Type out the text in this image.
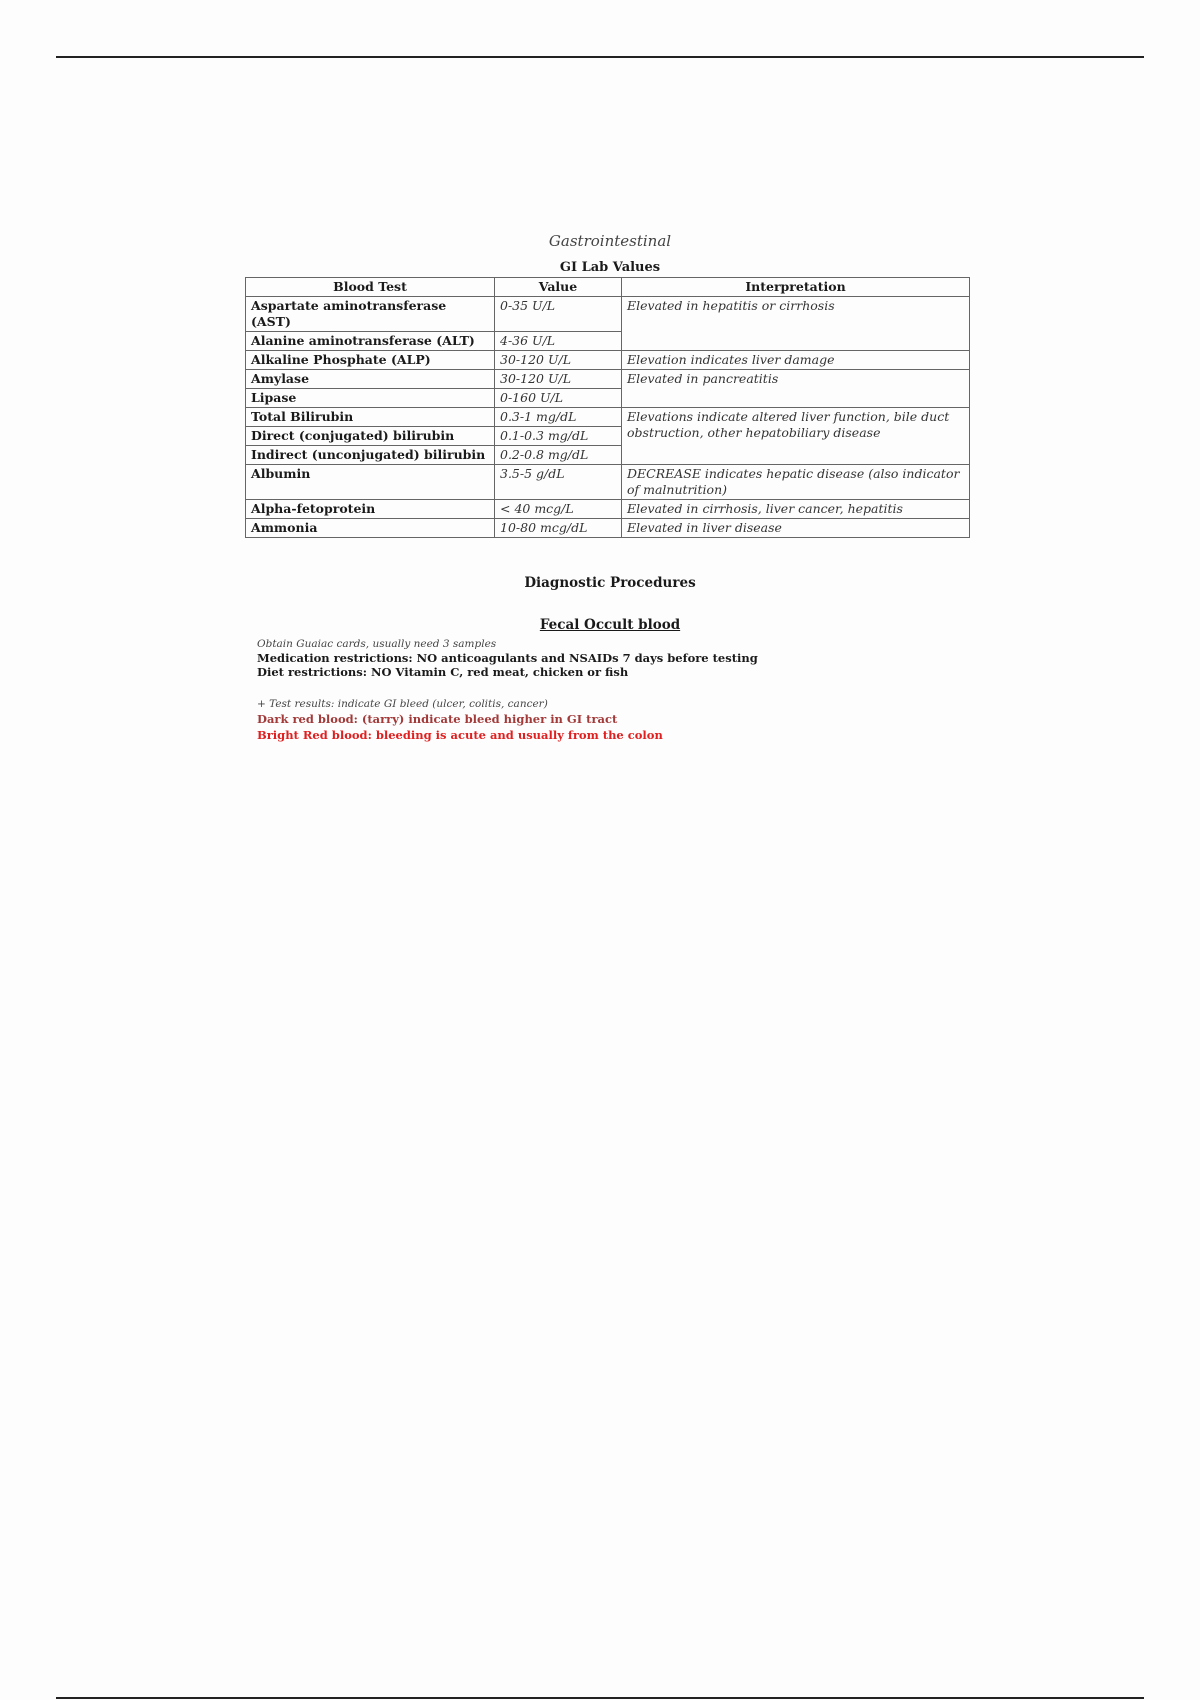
Gastrointestinal
GI Lab Values
Blood Test	Value	Interpretation
Aspartate aminotransferase (AST)	0-35 U/L	Elevated in hepatitis or cirrhosis
Alanine aminotransferase (ALT)	4-36 U/L	
Alkaline Phosphate (ALP)	30-120 U/L	Elevation indicates liver damage
Amylase	30-120 U/L	Elevated in pancreatitis
Lipase	0-160 U/L	
Total Bilirubin	0.3-1 mg/dL	Elevations indicate altered liver function, bile duct obstruction, other hepatobiliary disease
Direct (conjugated) bilirubin	0.1-0.3 mg/dL	
Indirect (unconjugated) bilirubin	0.2-0.8 mg/dL	
Albumin	3.5-5 g/dL	DECREASE indicates hepatic disease (also indicator of malnutrition)
Alpha-fetoprotein	< 40 mcg/L	Elevated in cirrhosis, liver cancer, hepatitis
Ammonia	10-80 mcg/dL	Elevated in liver disease
Diagnostic Procedures
Fecal Occult blood
Obtain Guaiac cards, usually need 3 samples
Medication restrictions: NO anticoagulants and NSAIDs 7 days before testing
Diet restrictions: NO Vitamin C, red meat, chicken or fish
+ Test results: indicate GI bleed (ulcer, colitis, cancer)
Dark red blood: (tarry) indicate bleed higher in GI tract
Bright Red blood: bleeding is acute and usually from the colon
